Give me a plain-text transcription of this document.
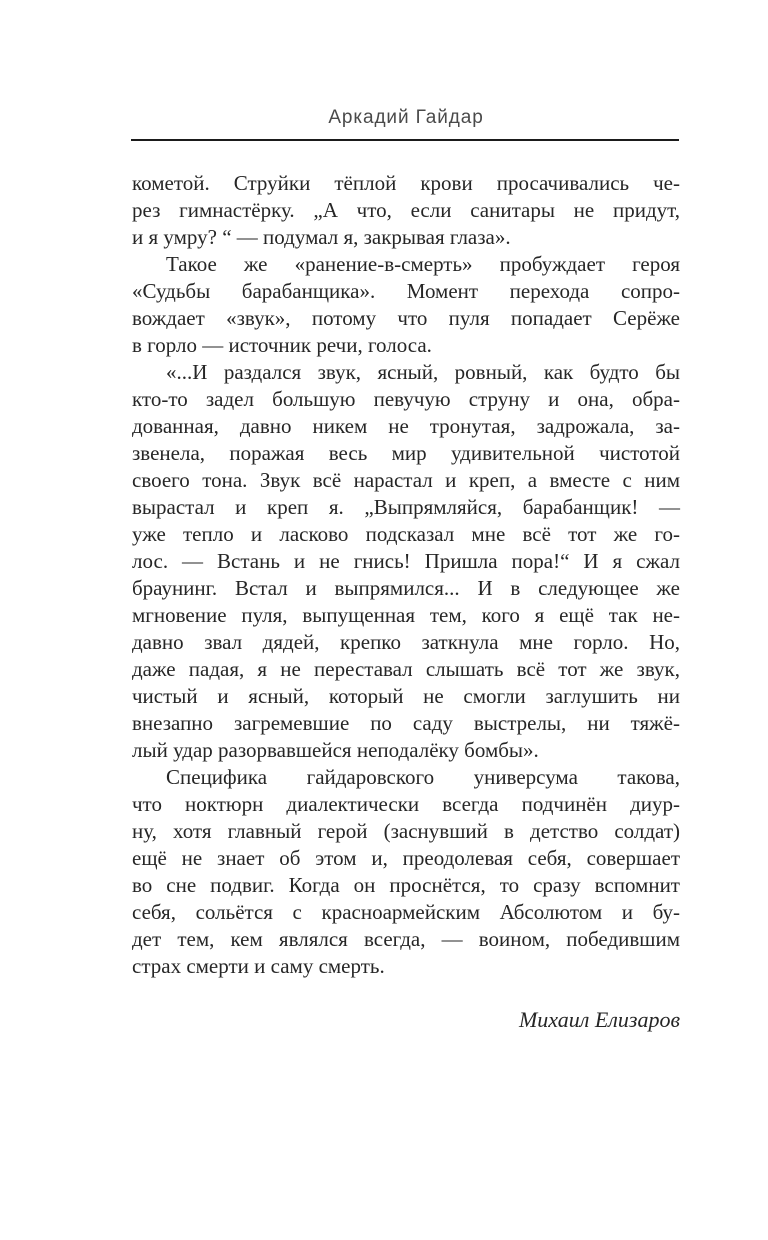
Аркадий Гайдар
кометой. Струйки тёплой крови просачивались че-
рез гимнастёрку. „А что, если санитары не придут,
и я умру? “ — подумал я, закрывая глаза».
Такое же «ранение-в-смерть» пробуждает героя
«Судьбы барабанщика». Момент перехода сопро-
вождает «звук», потому что пуля попадает Серёже
в горло — источник речи, голоса.
«...И раздался звук, ясный, ровный, как будто бы
кто-то задел большую певучую струну и она, обра-
дованная, давно никем не тронутая, задрожала, за-
звенела, поражая весь мир удивительной чистотой
своего тона. Звук всё нарастал и креп, а вместе с ним
вырастал и креп я. „Выпрямляйся, барабанщик! —
уже тепло и ласково подсказал мне всё тот же го-
лос. — Встань и не гнись! Пришла пора!“ И я сжал
браунинг. Встал и выпрямился... И в следующее же
мгновение пуля, выпущенная тем, кого я ещё так не-
давно звал дядей, крепко заткнула мне горло. Но,
даже падая, я не переставал слышать всё тот же звук,
чистый и ясный, который не смогли заглушить ни
внезапно загремевшие по саду выстрелы, ни тяжё-
лый удар разорвавшейся неподалёку бомбы».
Специфика гайдаровского универсума такова,
что ноктюрн диалектически всегда подчинён диур-
ну, хотя главный герой (заснувший в детство солдат)
ещё не знает об этом и, преодолевая себя, совершает
во сне подвиг. Когда он проснётся, то сразу вспомнит
себя, сольётся с красноармейским Абсолютом и бу-
дет тем, кем являлся всегда, — воином, победившим
страх смерти и саму смерть.
Михаил Елизаров
